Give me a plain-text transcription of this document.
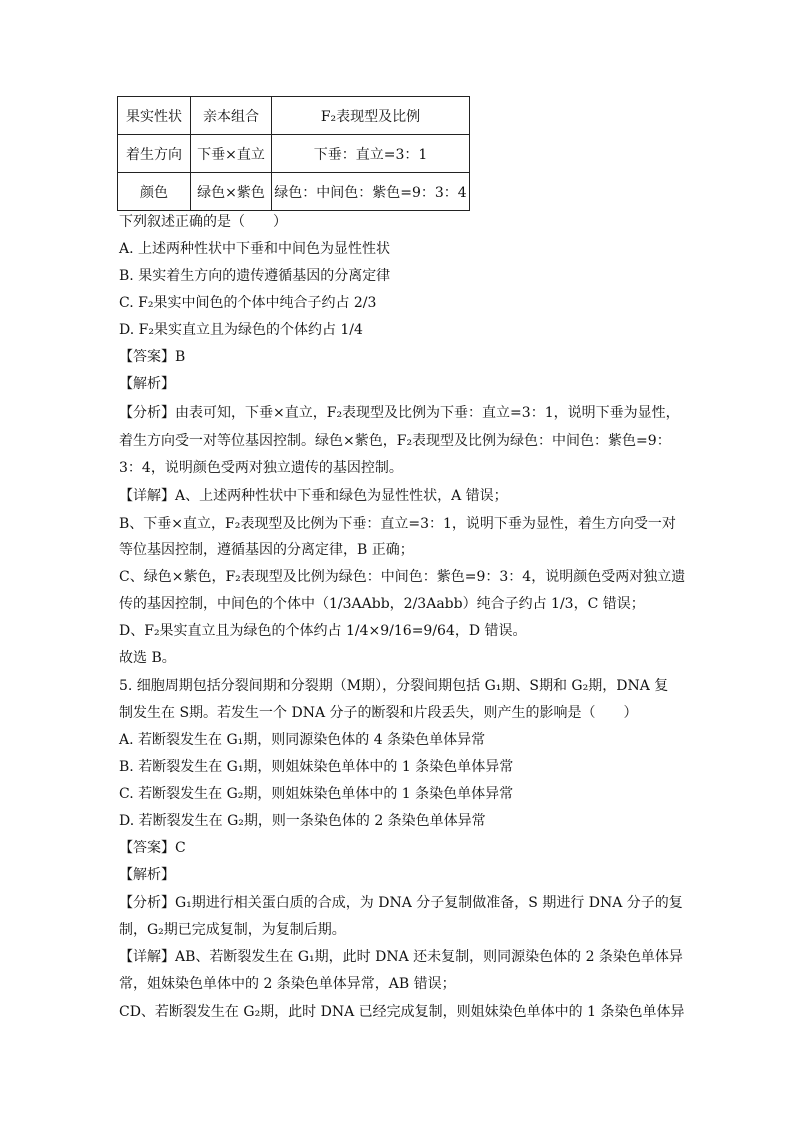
果实性状	亲本组合	F₂表现型及比例
着生方向	下垂×直立	下垂：直立=3：1
颜色	绿色×紫色	绿色：中间色：紫色=9：3：4
下列叙述正确的是（　　）
A. 上述两种性状中下垂和中间色为显性性状
B. 果实着生方向的遗传遵循基因的分离定律
C. F₂果实中间色的个体中纯合子约占 2/3
D. F₂果实直立且为绿色的个体约占 1/4
【答案】B
【解析】
【分析】由表可知，下垂×直立，F₂表现型及比例为下垂：直立=3：1，说明下垂为显性，
着生方向受一对等位基因控制。绿色×紫色，F₂表现型及比例为绿色：中间色：紫色=9：
3：4，说明颜色受两对独立遗传的基因控制。
【详解】A、上述两种性状中下垂和绿色为显性性状，A 错误；
B、下垂×直立，F₂表现型及比例为下垂：直立=3：1，说明下垂为显性，着生方向受一对
等位基因控制，遵循基因的分离定律，B 正确；
C、绿色×紫色，F₂表现型及比例为绿色：中间色：紫色=9：3：4，说明颜色受两对独立遗
传的基因控制，中间色的个体中（1/3AAbb，2/3Aabb）纯合子约占 1/3，C 错误；
D、F₂果实直立且为绿色的个体约占 1/4×9/16=9/64，D 错误。
故选 B。
5. 细胞周期包括分裂间期和分裂期（M期），分裂间期包括 G₁期、S期和 G₂期，DNA 复
制发生在 S期。若发生一个 DNA 分子的断裂和片段丢失，则产生的影响是（　　）
A. 若断裂发生在 G₁期，则同源染色体的 4 条染色单体异常
B. 若断裂发生在 G₁期，则姐妹染色单体中的 1 条染色单体异常
C. 若断裂发生在 G₂期，则姐妹染色单体中的 1 条染色单体异常
D. 若断裂发生在 G₂期，则一条染色体的 2 条染色单体异常
【答案】C
【解析】
【分析】G₁期进行相关蛋白质的合成，为 DNA 分子复制做准备，S 期进行 DNA 分子的复
制，G₂期已完成复制，为复制后期。
【详解】AB、若断裂发生在 G₁期，此时 DNA 还未复制，则同源染色体的 2 条染色单体异
常，姐妹染色单体中的 2 条染色单体异常，AB 错误；
CD、若断裂发生在 G₂期，此时 DNA 已经完成复制，则姐妹染色单体中的 1 条染色单体异
